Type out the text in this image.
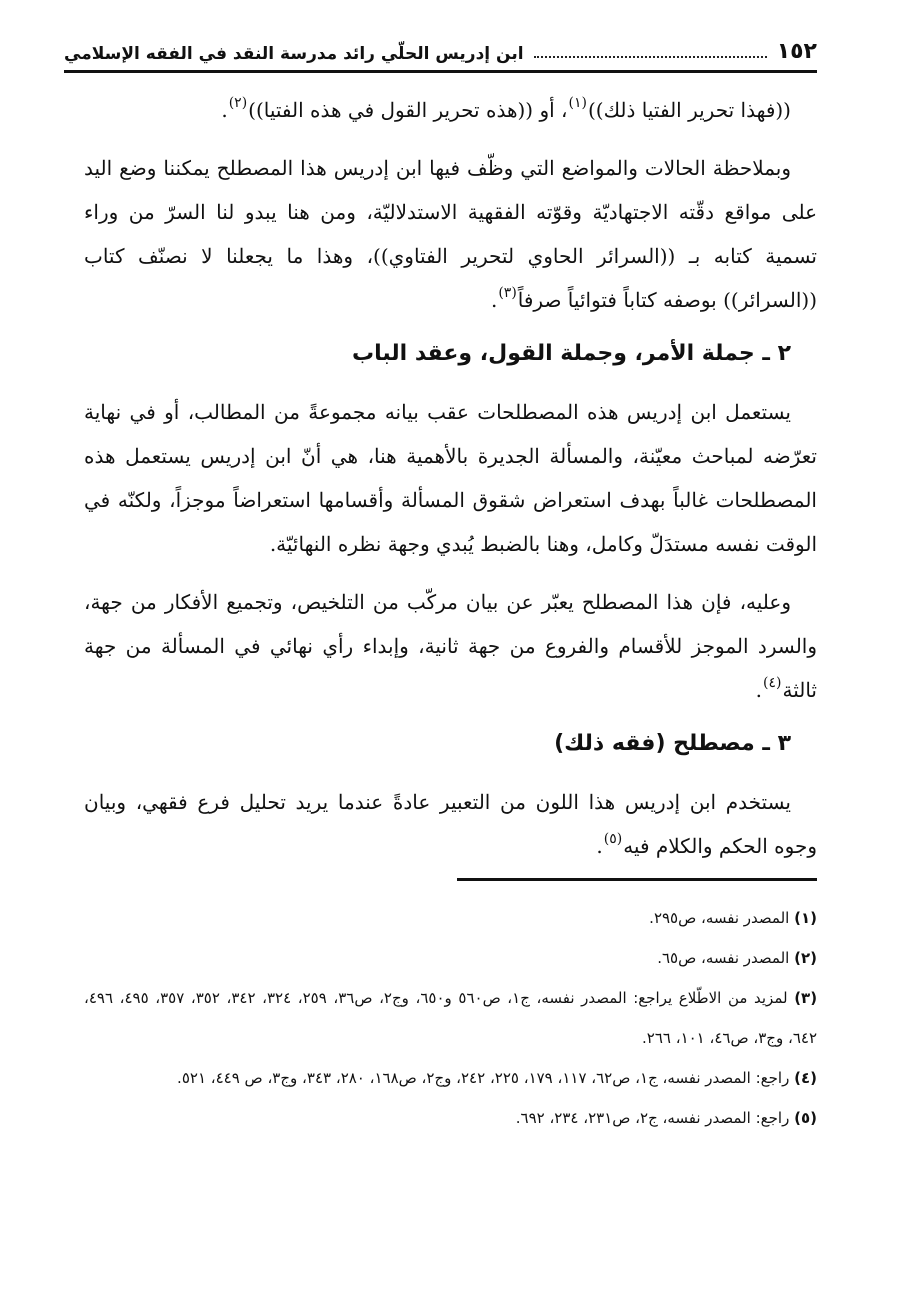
١٥٢
ابن إدريس الحلّي رائد مدرسة النقد في الفقه الإسلامي

((فهذا تحرير الفتيا ذلك))$^{(١)}$، أو ((هذه تحرير القول في هذه الفتيا))$^{(٢)}$.

وبملاحظة الحالات والمواضع التي وظّف فيها ابن إدريس هذا المصطلح يمكننا وضع اليد على مواقع دقّته الاجتهاديّة وقوّته الفقهية الاستدلاليّة، ومن هنا يبدو لنا السرّ من وراء تسمية كتابه بـ ((السرائر الحاوي لتحرير الفتاوي))، وهذا ما يجعلنا لا نصنّف كتاب ((السرائر)) بوصفه كتاباً فتوائياً صرفاً$^{(٣)}$.

٢ ـ جملة الأمر، وجملة القول، وعقد الباب

يستعمل ابن إدريس هذه المصطلحات عقب بيانه مجموعةً من المطالب، أو في نهاية تعرّضه لمباحث معيّنة، والمسألة الجديرة بالأهمية هنا، هي أنّ ابن إدريس يستعمل هذه المصطلحات غالباً بهدف استعراض شقوق المسألة وأقسامها استعراضاً موجزاً، ولكنّه في الوقت نفسه مستدَلّ وكامل، وهنا بالضبط يُبدي وجهة نظره النهائيّة.

وعليه، فإن هذا المصطلح يعبّر عن بيان مركّب من التلخيص، وتجميع الأفكار من جهة، والسرد الموجز للأقسام والفروع من جهة ثانية، وإبداء رأي نهائي في المسألة من جهة ثالثة$^{(٤)}$.

٣ ـ مصطلح (فقه ذلك)

يستخدم ابن إدريس هذا اللون من التعبير عادةً عندما يريد تحليل فرع فقهي، وبيان وجوه الحكم والكلام فيه$^{(٥)}$.

(١) المصدر نفسه، ص٢٩٥.

(٢) المصدر نفسه، ص٦٥.

(٣) لمزيد من الاطّلاع يراجع: المصدر نفسه، ج١، ص٥٦٠ و٦٥٠، وج٢، ص٣٦، ٢٥٩، ٣٢٤، ٣٤٢، ٣٥٢، ٣٥٧، ٤٩٥، ٤٩٦، ٦٤٢، وج٣، ص٤٦، ١٠١، ٢٦٦.

(٤) راجع: المصدر نفسه، ج١، ص٦٢، ١١٧، ١٧٩، ٢٢٥، ٢٤٢، وج٢، ص١٦٨، ٢٨٠، ٣٤٣، وج٣، ص ٤٤٩، ٥٢١.

(٥) راجع: المصدر نفسه، ج٢، ص٢٣١، ٢٣٤، ٦٩٢.
